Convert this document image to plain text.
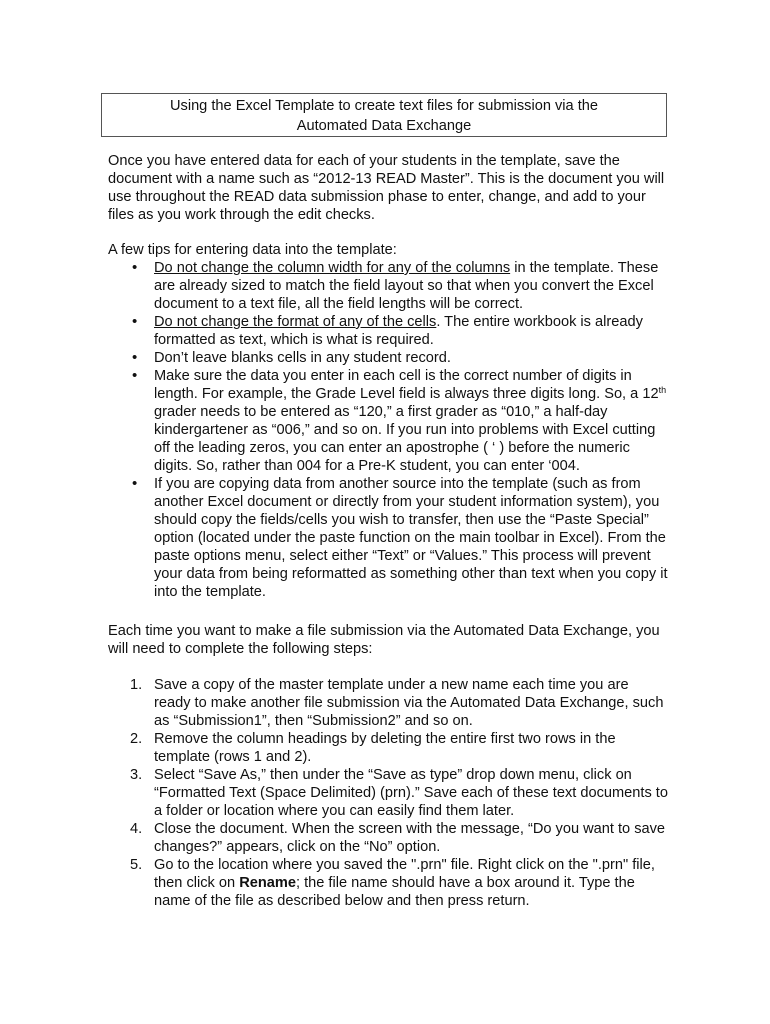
Using the Excel Template to create text files for submission via the
Automated Data Exchange

Once you have entered data for each of your students in the template, save the document with a name such as “2012-13 READ Master”. This is the document you will use throughout the READ data submission phase to enter, change, and add to your files as you work through the edit checks.

A few tips for entering data into the template:

• Do not change the column width for any of the columns in the template. These are already sized to match the field layout so that when you convert the Excel document to a text file, all the field lengths will be correct.
• Do not change the format of any of the cells. The entire workbook is already formatted as text, which is what is required.
• Don’t leave blanks cells in any student record.
• Make sure the data you enter in each cell is the correct number of digits in length. For example, the Grade Level field is always three digits long. So, a 12th grader needs to be entered as “120,” a first grader as “010,” a half-day kindergartener as “006,” and so on. If you run into problems with Excel cutting off the leading zeros, you can enter an apostrophe ( ‘ ) before the numeric digits. So, rather than 004 for a Pre-K student, you can enter ‘004.
• If you are copying data from another source into the template (such as from another Excel document or directly from your student information system), you should copy the fields/cells you wish to transfer, then use the “Paste Special” option (located under the paste function on the main toolbar in Excel). From the paste options menu, select either “Text” or “Values.” This process will prevent your data from being reformatted as something other than text when you copy it into the template.

Each time you want to make a file submission via the Automated Data Exchange, you will need to complete the following steps:

1. Save a copy of the master template under a new name each time you are ready to make another file submission via the Automated Data Exchange, such as “Submission1”, then “Submission2” and so on.
2. Remove the column headings by deleting the entire first two rows in the template (rows 1 and 2).
3. Select “Save As,” then under the “Save as type” drop down menu, click on “Formatted Text (Space Delimited) (prn).” Save each of these text documents to a folder or location where you can easily find them later.
4. Close the document. When the screen with the message, “Do you want to save changes?” appears, click on the “No” option.
5. Go to the location where you saved the ".prn" file. Right click on the ".prn" file, then click on Rename; the file name should have a box around it. Type the name of the file as described below and then press return.
